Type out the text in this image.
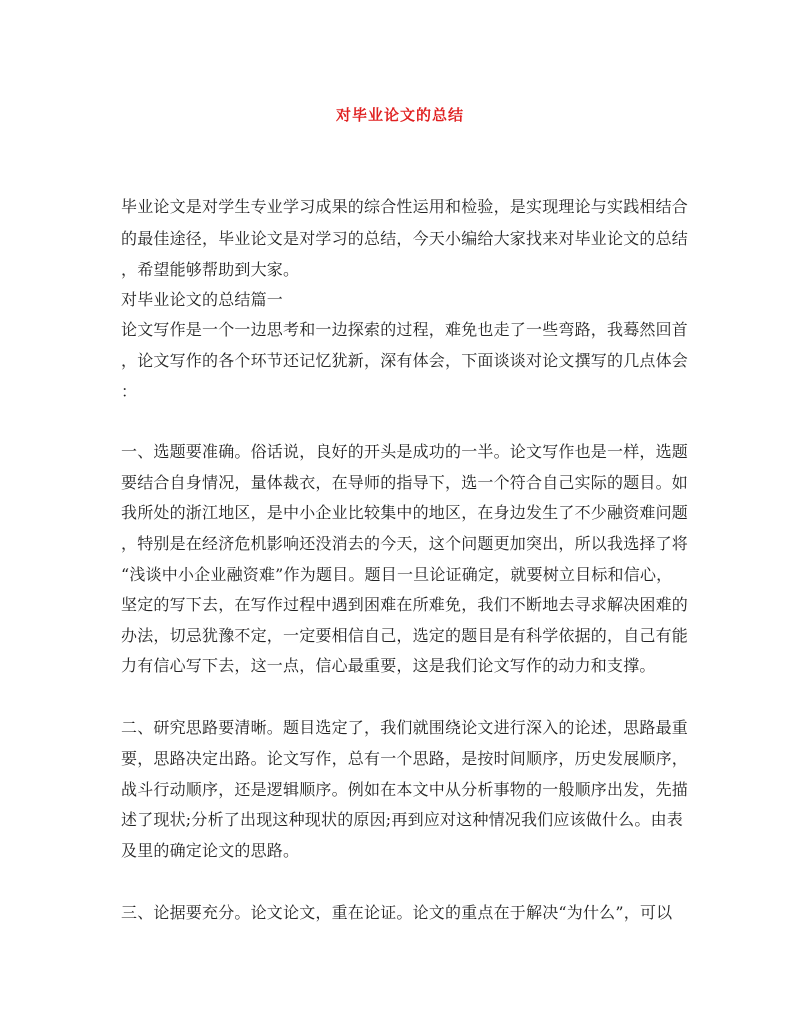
对毕业论文的总结
毕业论文是对学生专业学习成果的综合性运用和检验，是实现理论与实践相结合
的最佳途径，毕业论文是对学习的总结，今天小编给大家找来对毕业论文的总结
，希望能够帮助到大家。
对毕业论文的总结篇一
论文写作是一个一边思考和一边探索的过程，难免也走了一些弯路，我蓦然回首
，论文写作的各个环节还记忆犹新，深有体会，下面谈谈对论文撰写的几点体会
：
一、选题要准确。俗话说，良好的开头是成功的一半。论文写作也是一样，选题
要结合自身情况，量体裁衣，在导师的指导下，选一个符合自己实际的题目。如
我所处的浙江地区，是中小企业比较集中的地区，在身边发生了不少融资难问题
，特别是在经济危机影响还没消去的今天，这个问题更加突出，所以我选择了将
“浅谈中小企业融资难”作为题目。题目一旦论证确定，就要树立目标和信心，
坚定的写下去，在写作过程中遇到困难在所难免，我们不断地去寻求解决困难的
办法，切忌犹豫不定，一定要相信自己，选定的题目是有科学依据的，自己有能
力有信心写下去，这一点，信心最重要，这是我们论文写作的动力和支撑。
二、研究思路要清晰。题目选定了，我们就围绕论文进行深入的论述，思路最重
要，思路决定出路。论文写作，总有一个思路，是按时间顺序，历史发展顺序，
战斗行动顺序，还是逻辑顺序。例如在本文中从分析事物的一般顺序出发，先描
述了现状;分析了出现这种现状的原因;再到应对这种情况我们应该做什么。由表
及里的确定论文的思路。
三、论据要充分。论文论文，重在论证。论文的重点在于解决“为什么”，可以
